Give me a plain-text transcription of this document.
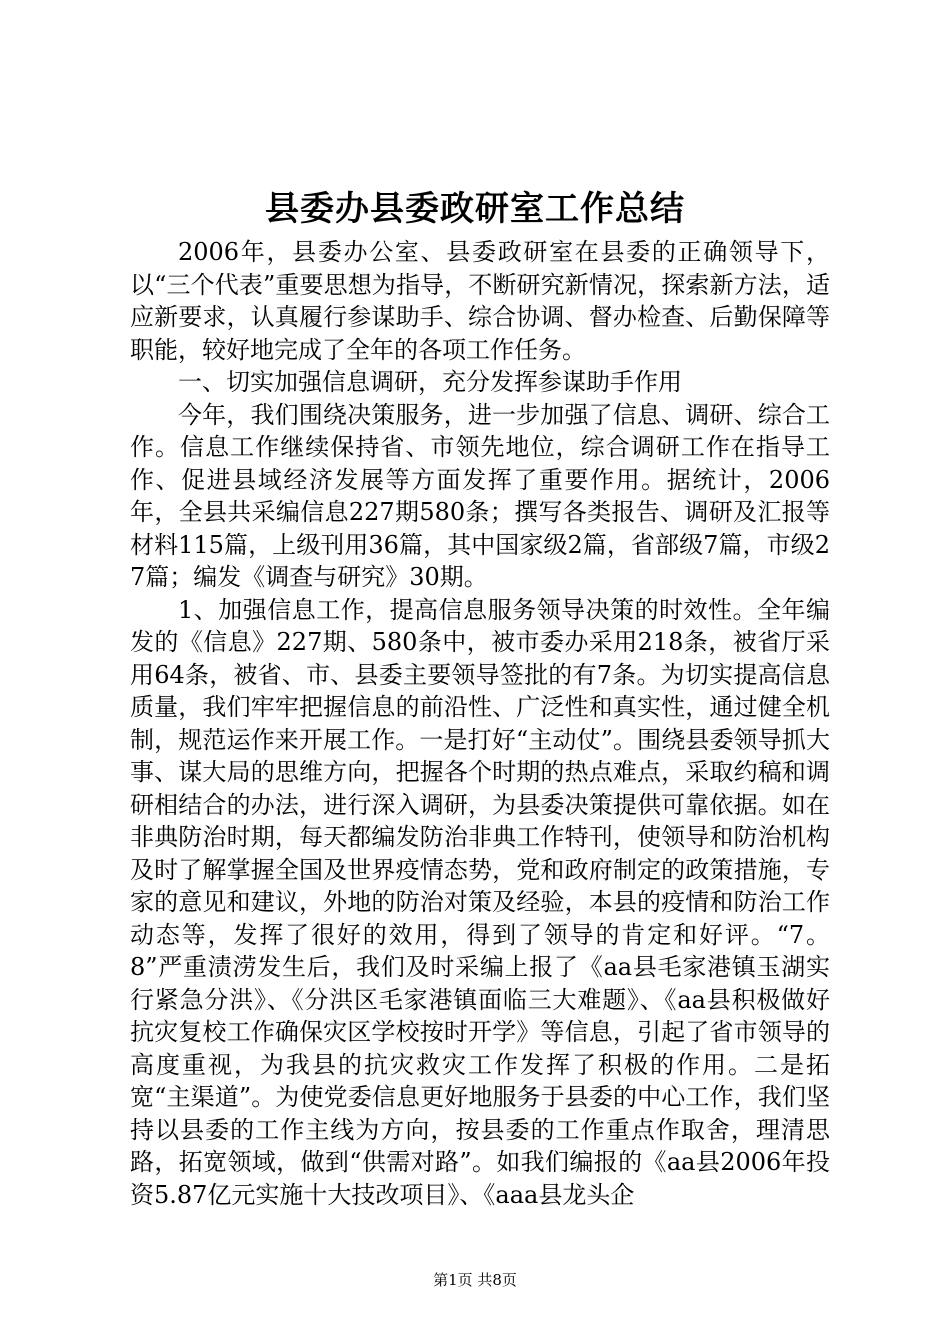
县委办县委政研室工作总结

2006年，县委办公室、县委政研室在县委的正确领导下，以“三个代表”重要思想为指导，不断研究新情况，探索新方法，适应新要求，认真履行参谋助手、综合协调、督办检查、后勤保障等职能，较好地完成了全年的各项工作任务。

一、切实加强信息调研，充分发挥参谋助手作用

今年，我们围绕决策服务，进一步加强了信息、调研、综合工作。信息工作继续保持省、市领先地位，综合调研工作在指导工作、促进县域经济发展等方面发挥了重要作用。据统计，2006年，全县共采编信息227期580条；撰写各类报告、调研及汇报等材料115篇，上级刊用36篇，其中国家级2篇，省部级7篇，市级27篇；编发《调查与研究》30期。

1、加强信息工作，提高信息服务领导决策的时效性。全年编发的《信息》227期、580条中，被市委办采用218条，被省厅采用64条，被省、市、县委主要领导签批的有7条。为切实提高信息质量，我们牢牢把握信息的前沿性、广泛性和真实性，通过健全机制，规范运作来开展工作。一是打好“主动仗”。围绕县委领导抓大事、谋大局的思维方向，把握各个时期的热点难点，采取约稿和调研相结合的办法，进行深入调研，为县委决策提供可靠依据。如在非典防治时期，每天都编发防治非典工作特刊，使领导和防治机构及时了解掌握全国及世界疫情态势，党和政府制定的政策措施，专家的意见和建议，外地的防治对策及经验，本县的疫情和防治工作动态等，发挥了很好的效用，得到了领导的肯定和好评。“7。8”严重渍涝发生后，我们及时采编上报了《aa县毛家港镇玉湖实行紧急分洪》、《分洪区毛家港镇面临三大难题》、《aa县积极做好抗灾复校工作确保灾区学校按时开学》等信息，引起了省市领导的高度重视，为我县的抗灾救灾工作发挥了积极的作用。二是拓宽“主渠道”。为使党委信息更好地服务于县委的中心工作，我们坚持以县委的工作主线为方向，按县委的工作重点作取舍，理清思路，拓宽领域，做到“供需对路”。如我们编报的《aa县2006年投资5.87亿元实施十大技改项目》、《aaa县龙头企

第1页 共8页
